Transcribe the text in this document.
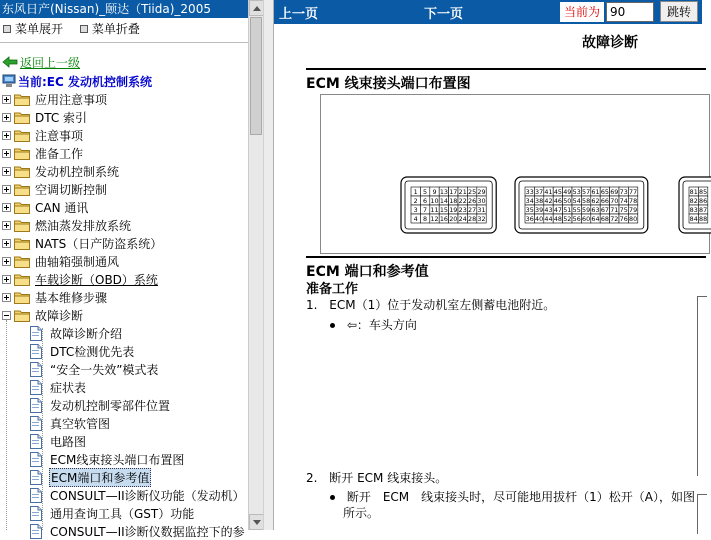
东风日产(Nissan)_颐达（Tiida)_2005
菜单展开
菜单折叠
返回上一级
当前:EC 发动机控制系统
应用注意事项
DTC 索引
注意事项
准备工作
发动机控制系统
空调切断控制
CAN 通讯
燃油蒸发排放系统
NATS（日产防盗系统）
曲轴箱强制通风
车载诊断（OBD）系统
基本维修步骤
故障诊断
故障诊断介绍
DTC检测优先表
“安全一失效”模式表
症状表
发动机控制零部件位置
真空软管图
电路图
ECM线束接头端口布置图
ECM端口和参考值
CONSULT—II诊断仪功能（发动机）
通用查询工具（GST）功能
CONSULT—II诊断仪数据监控下的参
上一页	下一页	当前为
90	跳转
故障诊断
ECM 线束接头端口布置图
1 5 9 13 17 21 25 29
2 6 10 14 18 22 26 30
3 7 11 15 19 23 27 31
4 8 12 16 20 24 28 32
33 37 41 45 49 53 57 61 65 69 73 77
34 38 42 46 50 54 58 62 66 70 74 78
35 39 43 47 51 55 59 63 67 71 75 79
36 40 44 48 52 56 60 64 68 72 76 80
81 85
82 86
83 87
84 88
ECM 端口和参考值
准备工作
1. ECM（1）位于发动机室左侧蓄电池附近。
⇦：车头方向
2. 断开 ECM 线束接头。
断开　ECM　线束接头时，尽可能地用拔杆（1）松开（A），如图
所示。
